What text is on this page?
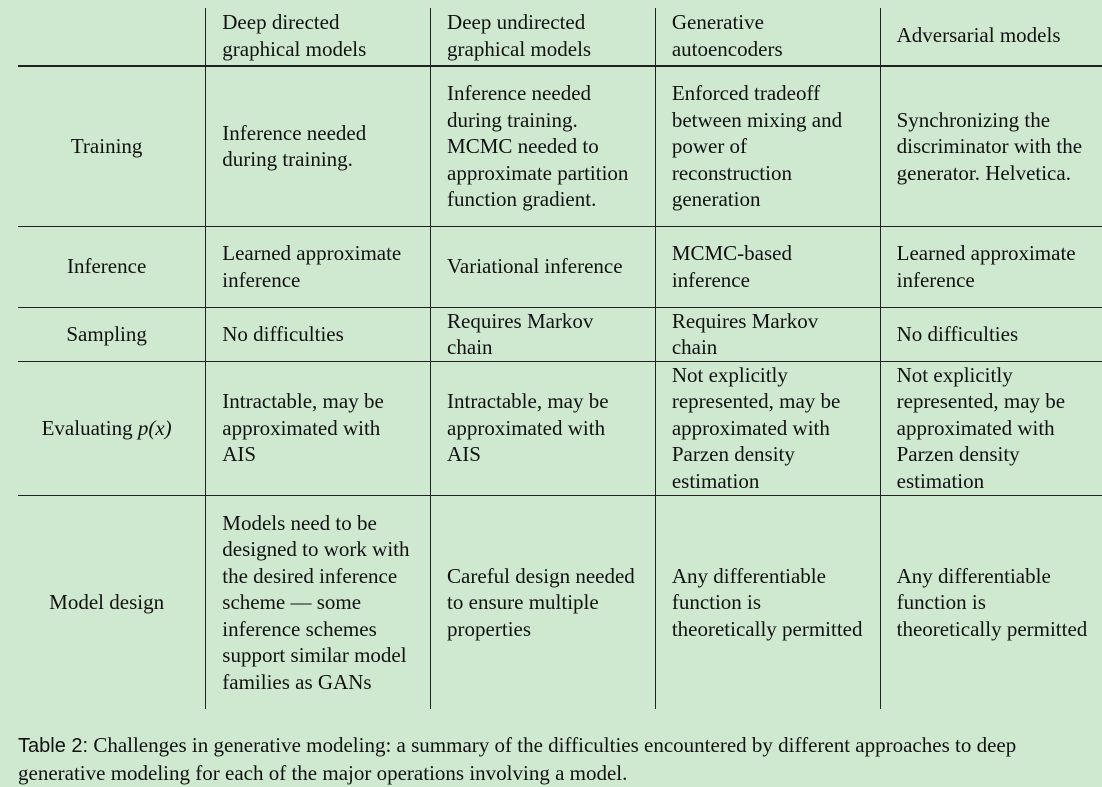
	Deep directed graphical models	Deep undirected graphical models	Generative autoencoders	Adversarial models
Training	Inference needed during training.	Inference needed during training. MCMC needed to approximate partition function gradient.	Enforced tradeoff between mixing and power of reconstruction generation	Synchronizing the discriminator with the generator. Helvetica.
Inference	Learned approximate inference	Variational inference	MCMC-based inference	Learned approximate inference
Sampling	No difficulties	Requires Markov chain	Requires Markov chain	No difficulties
Evaluating p(x)	Intractable, may be approximated with AIS	Intractable, may be approximated with AIS	Not explicitly represented, may be approximated with Parzen density estimation	Not explicitly represented, may be approximated with Parzen density estimation
Model design	Models need to be designed to work with the desired inference scheme — some inference schemes support similar model families as GANs	Careful design needed to ensure multiple properties	Any differentiable function is theoretically permitted	Any differentiable function is theoretically permitted
Table 2: Challenges in generative modeling: a summary of the difficulties encountered by different approaches to deep generative modeling for each of the major operations involving a model.
